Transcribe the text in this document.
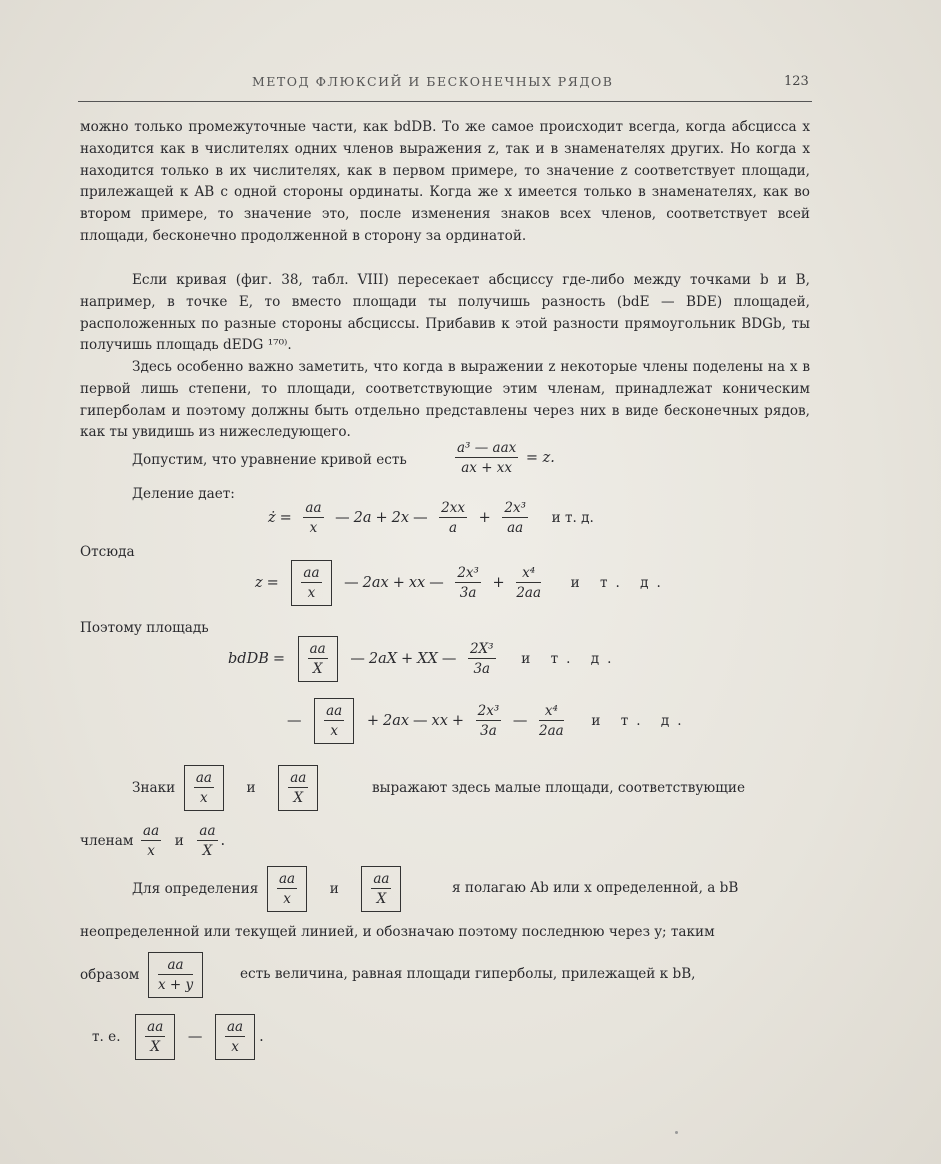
МЕТОД ФЛЮКСИЙ И БЕСКОНЕЧНЫХ РЯДОВ	123

можно только промежуточные части, как bdDB. То же самое происходит всегда, когда абсцисса x находится как в числителях одних членов выражения z, так и в знаменателях других. Но когда x находится только в их числителях, как в первом примере, то значение z соответствует площади, прилежащей к AB с одной стороны ординаты. Когда же x имеется только в знаменателях, как во втором примере, то значение это, после изменения знаков всех членов, соответствует всей площади, бесконечно продолженной в сторону за ординатой.

Если кривая (фиг. 38, табл. VIII) пересекает абсциссу где-либо между точками b и B, например, в точке E, то вместо площади ты получишь разность (bdE — BDE) площадей, расположенных по разные стороны абсциссы. Прибавив к этой разности прямоугольник BDGb, ты получишь площадь dEDG ¹⁷⁰⁾.

Здесь особенно важно заметить, что когда в выражении z некоторые члены поделены на x в первой лишь степени, то площади, соответствующие этим членам, принадлежат коническим гиперболам и поэтому должны быть отдельно представлены через них в виде бесконечных рядов, как ты увидишь из нижеследующего.

Допустим, что уравнение кривой есть	$\frac{\text{a³ — aax}}{ax + xx} = z$.
Деление дает:
ż = $\frac{aa}{x}$ — 2a + 2x — $\frac{2xx}{a} + \frac{\text{2x³}}{aa}$ и т. д.
Отсюда
$z = \frac{aa}{x}$ — 2ax + xx — $\frac{\text{2x³}}{3a} + \frac{\text{x⁴}}{2aa}$ и т. д.
Поэтому площадь
bdDB = $\frac{aa}{X}$ — 2aX + XX — $\frac{\text{2X³}}{3a}$ и т. д.
— $\frac{aa}{x} + 2ax$ — xx + $\frac{\text{2x³}}{3a}$ — $\frac{\text{x⁴}}{2aa}$ и т. д.
Знаки $\frac{aa}{x}$ и $\frac{aa}{X}$	выражают здесь малые площади, соответствующие
членам $\frac{aa}{x}$ и $\frac{aa}{X}$ .
Для определения $\frac{aa}{x}$ и $\frac{aa}{X}$	я полагаю Ab или x определенной, а bB
неопределенной или текущей линией, и обозначаю поэтому последнюю через y; таким
образом $\frac{aa}{x + y}$	есть величина, равная площади гиперболы, прилежащей к bB,
т. е. $\frac{aa}{X}$ — $\frac{aa}{x}$ .
